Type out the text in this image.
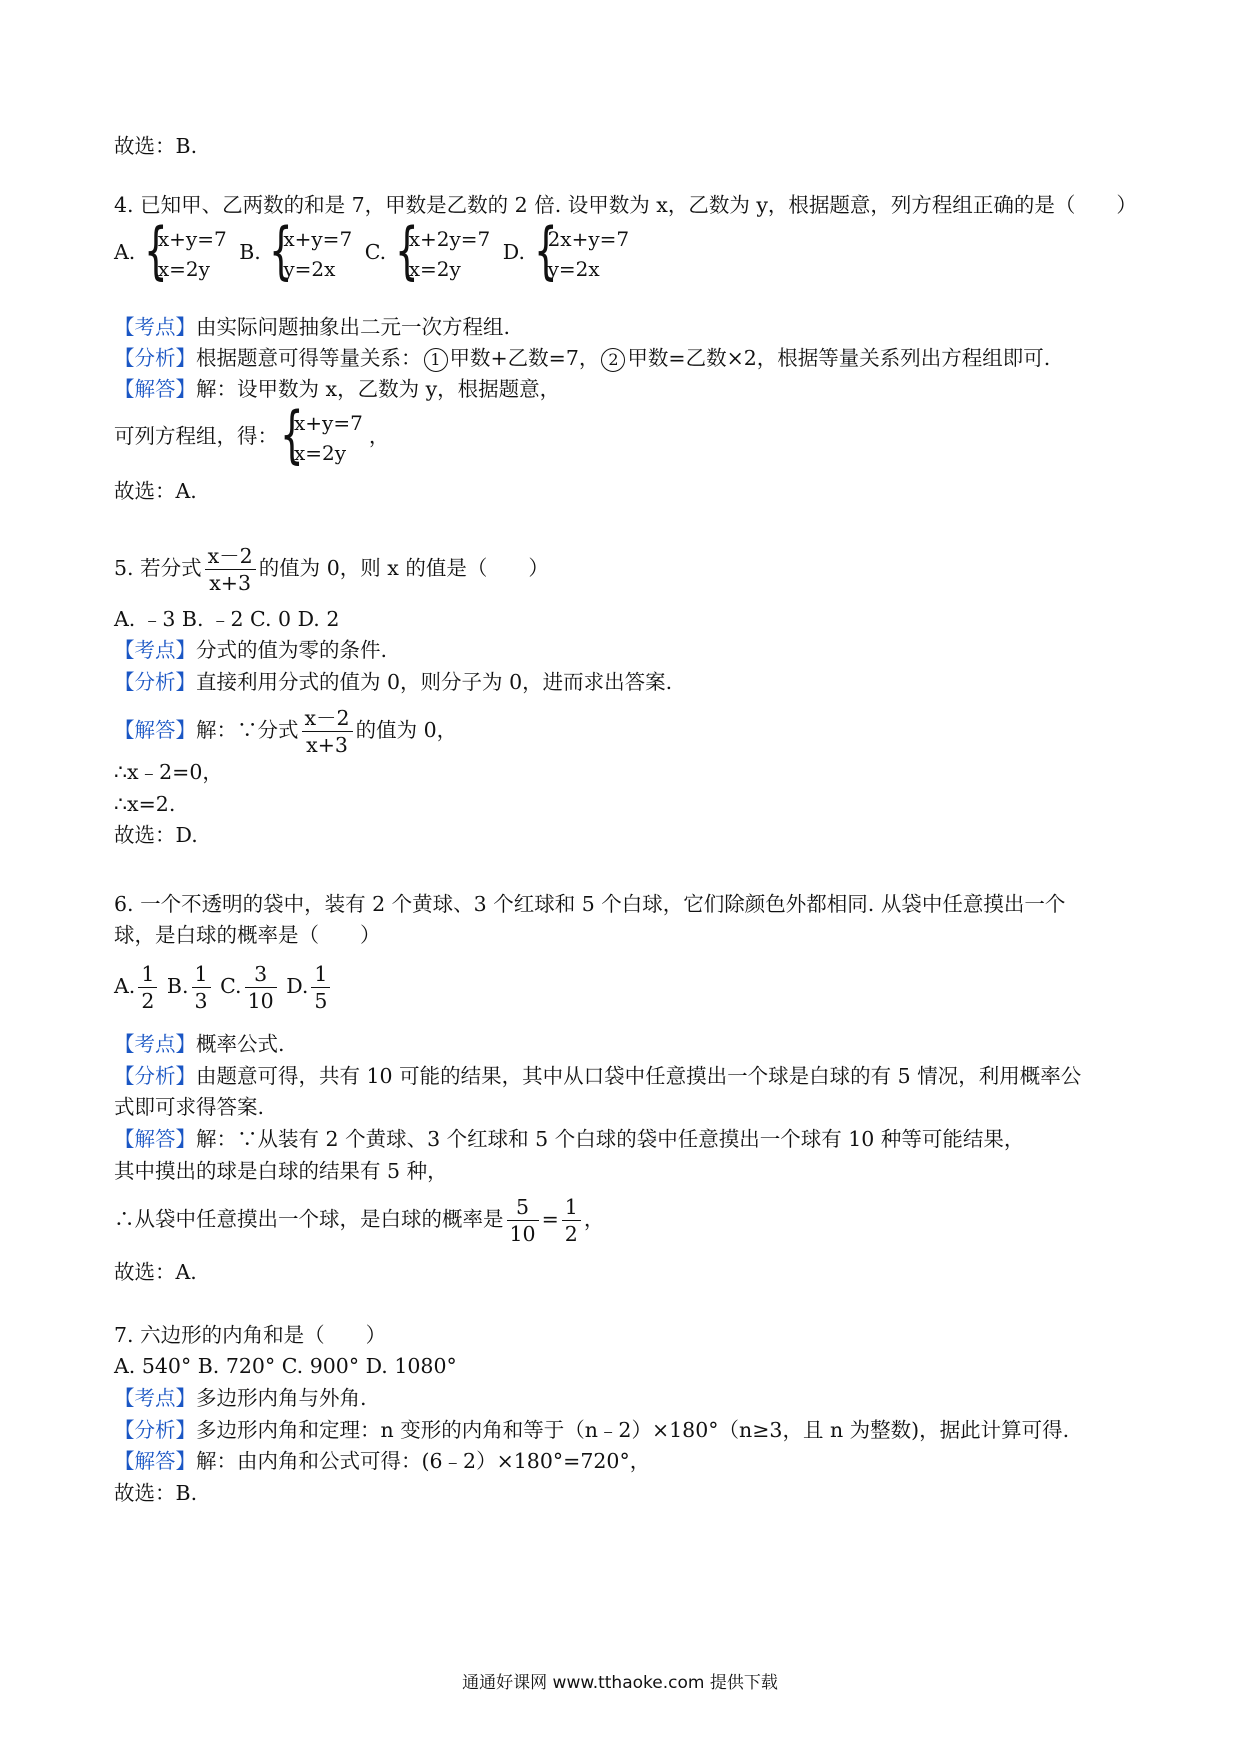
故选：B.
4. 已知甲、乙两数的和是 7，甲数是乙数的 2 倍. 设甲数为 x，乙数为 y，根据题意，列方程组正确的是（　　）
A. {
x+y=7
x=2y
B. {
x+y=7
y=2x
C. {
x+2y=7
x=2y
D. {
2x+y=7
y=2x
【考点】由实际问题抽象出二元一次方程组.
【分析】根据题意可得等量关系： 1 甲数+乙数=7， 2 甲数=乙数×2，根据等量关系列出方程组即可.
【解答】解：设甲数为 x，乙数为 y，根据题意，
可列方程组，得： {
x+y=7
x=2y
，
故选：A.
5. 若分式 $\frac{x-2}{x+3}$ 的值为 0，则 x 的值是（　　）
A. ﹣3 B. ﹣2 C. 0 D. 2
【考点】分式的值为零的条件.
【分析】直接利用分式的值为 0，则分子为 0，进而求出答案.
【解答】解：∵分式 $\frac{x-2}{x+3}$ 的值为 0，
∴x﹣2=0，
∴x=2.
故选：D.
6. 一个不透明的袋中，装有 2 个黄球、3 个红球和 5 个白球，它们除颜色外都相同. 从袋中任意摸出一个
球，是白球的概率是（　　）
A. $\frac{1}{2} B$. $\frac{1}{3} C$. $\frac{3}{10} D$. $\frac{1}{5}$
【考点】概率公式.
【分析】由题意可得，共有 10 可能的结果，其中从口袋中任意摸出一个球是白球的有 5 情况，利用概率公
式即可求得答案.
【解答】解：∵从装有 2 个黄球、3 个红球和 5 个白球的袋中任意摸出一个球有 10 种等可能结果，
其中摸出的球是白球的结果有 5 种，
∴从袋中任意摸出一个球，是白球的概率是 $\frac{5}{10} = \frac{1}{2}$ ，
故选：A.
7. 六边形的内角和是（　　）
A. 540° B. 720° C. 900° D. 1080°
【考点】多边形内角与外角.
【分析】多边形内角和定理：n 变形的内角和等于（n﹣2）×180°（n≥3，且 n 为整数)，据此计算可得.
【解答】解：由内角和公式可得：(6﹣2）×180°=720°，
故选：B.
通通好课网 www.tthaoke.com 提供下载
